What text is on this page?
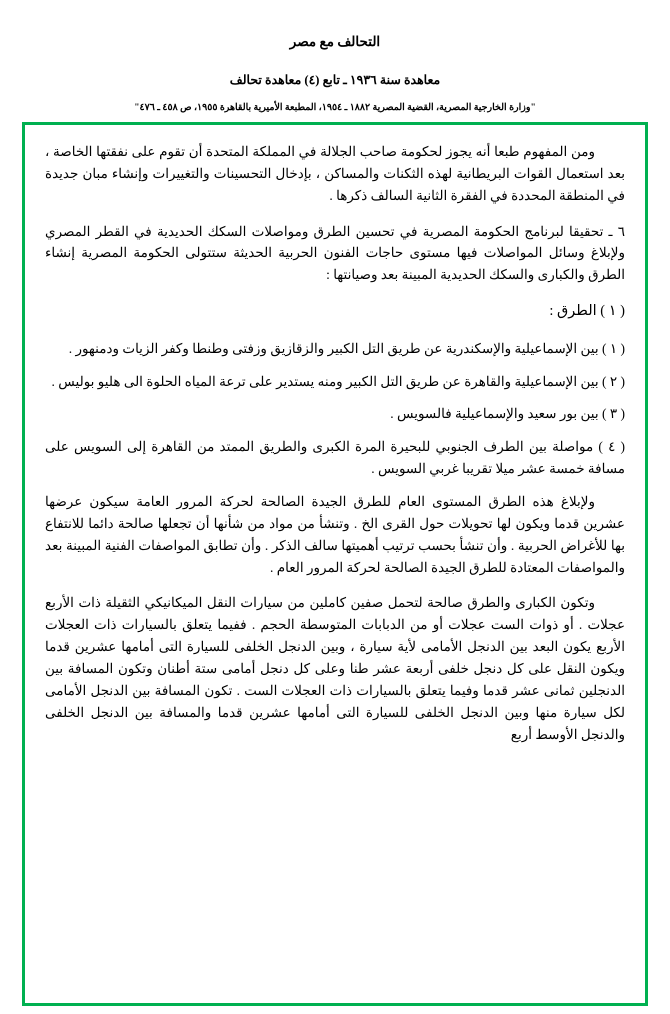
التحالف مع مصر
معاهدة سنة ١٩٣٦ ـ تابع (٤) معاهدة تحالف
"وزارة الخارجية المصرية، القضية المصرية ١٨٨٢ ـ ١٩٥٤، المطبعة الأميرية بالقاهرة ١٩٥٥، ص ٤٥٨ ـ ٤٧٦"

ومن المفهوم طبعا أنه يجوز لحكومة صاحب الجلالة في المملكة المتحدة أن تقوم على نفقتها الخاصة ، بعد استعمال القوات البريطانية لهذه الثكنات والمساكن ، بإدخال التحسينات والتغييرات وإنشاء مبان جديدة في المنطقة المحددة في الفقرة الثانية السالف ذكرها .

٦ ـ تحقيقا لبرنامج الحكومة المصرية في تحسين الطرق ومواصلات السكك الحديدية في القطر المصري ولإبلاغ وسائل المواصلات فيها مستوى حاجات الفنون الحربية الحديثة ستتولى الحكومة المصرية إنشاء الطرق والكبارى والسكك الحديدية المبينة بعد وصيانتها :

( ١ ) الطرق :

( ١ ) بين الإسماعيلية والإسكندرية عن طريق التل الكبير والزقازيق وزفتى وطنطا وكفر الزيات ودمنهور .

( ٢ ) بين الإسماعيلية والقاهرة عن طريق التل الكبير ومنه يستدير على ترعة المياه الحلوة الى هليو بوليس .

( ٣ ) بين بور سعيد والإسماعيلية فالسويس .

( ٤ ) مواصلة بين الطرف الجنوبي للبحيرة المرة الكبرى والطريق الممتد من القاهرة إلى السويس على مسافة خمسة عشر ميلا تقريبا غربي السويس .

ولإبلاغ هذه الطرق المستوى العام للطرق الجيدة الصالحة لحركة المرور العامة سيكون عرضها عشرين قدما ويكون لها تحويلات حول القرى الخ . وتنشأ من مواد من شأنها أن تجعلها صالحة دائما للانتفاع بها للأغراض الحربية . وأن تنشأ بحسب ترتيب أهميتها سالف الذكر . وأن تطابق المواصفات الفنية المبينة بعد والمواصفات المعتادة للطرق الجيدة الصالحة لحركة المرور العام .

وتكون الكبارى والطرق صالحة لتحمل صفين كاملين من سيارات النقل الميكانيكي الثقيلة ذات الأربع عجلات . أو ذوات الست عجلات أو من الدبابات المتوسطة الحجم . ففيما يتعلق بالسيارات ذات العجلات الأربع يكون البعد بين الدنجل الأمامى لأية سيارة ، وبين الدنجل الخلفى للسيارة التى أمامها عشرين قدما ويكون النقل على كل دنجل خلفى أربعة عشر طنا وعلى كل دنجل أمامى ستة أطنان وتكون المسافة بين الدنجلين ثمانى عشر قدما وفيما يتعلق بالسيارات ذات العجلات الست . تكون المسافة بين الدنجل الأمامى لكل سيارة منها وبين الدنجل الخلفى للسيارة التى أمامها عشرين قدما والمسافة بين الدنجل الخلفى والدنجل الأوسط أربع
